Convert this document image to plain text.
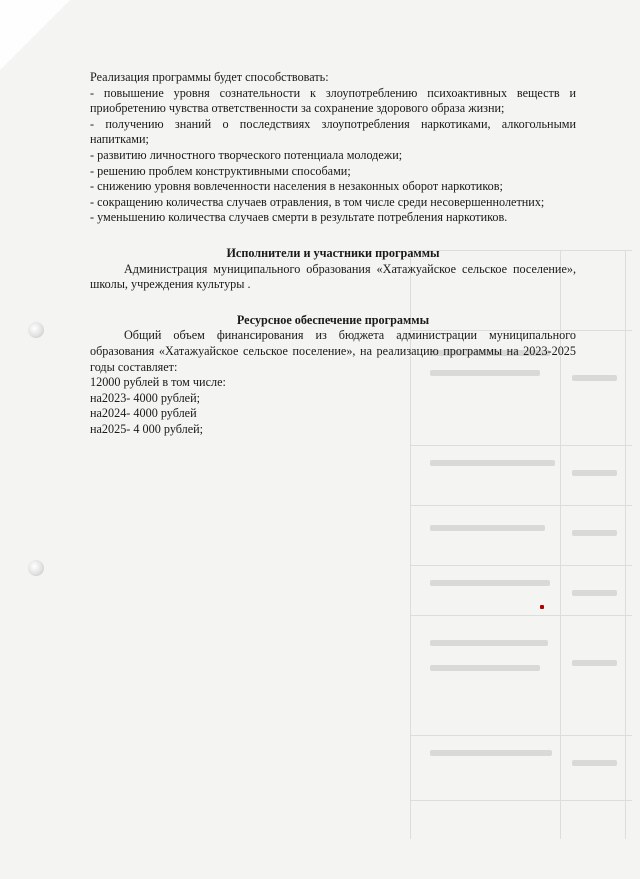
Реализация программы будет способствовать:

- повышение уровня сознательности к злоупотреблению психоактивных веществ и приобретению чувства ответственности за сохранение здорового образа жизни;

- получению знаний о последствиях злоупотребления наркотиками, алкогольными напитками;

- развитию личностного творческого потенциала молодежи;

- решению проблем конструктивными способами;

- снижению уровня вовлеченности населения в незаконных оборот наркотиков;

- сокращению количества случаев отравления, в том числе среди несовершеннолетних;

- уменьшению количества случаев смерти в результате потребления наркотиков.

Исполнители и участники программы

Администрация муниципального образования «Хатажуайское сельское поселение», школы, учреждения культуры .

Ресурсное обеспечение программы

Общий объем финансирования из бюджета администрации муниципального образования «Хатажуайское сельское поселение», на реализацию программы на 2023-2025 годы составляет:

12000 рублей в том числе:

на2023- 4000 рублей;

на2024- 4000 рублей

на2025- 4 000 рублей;
